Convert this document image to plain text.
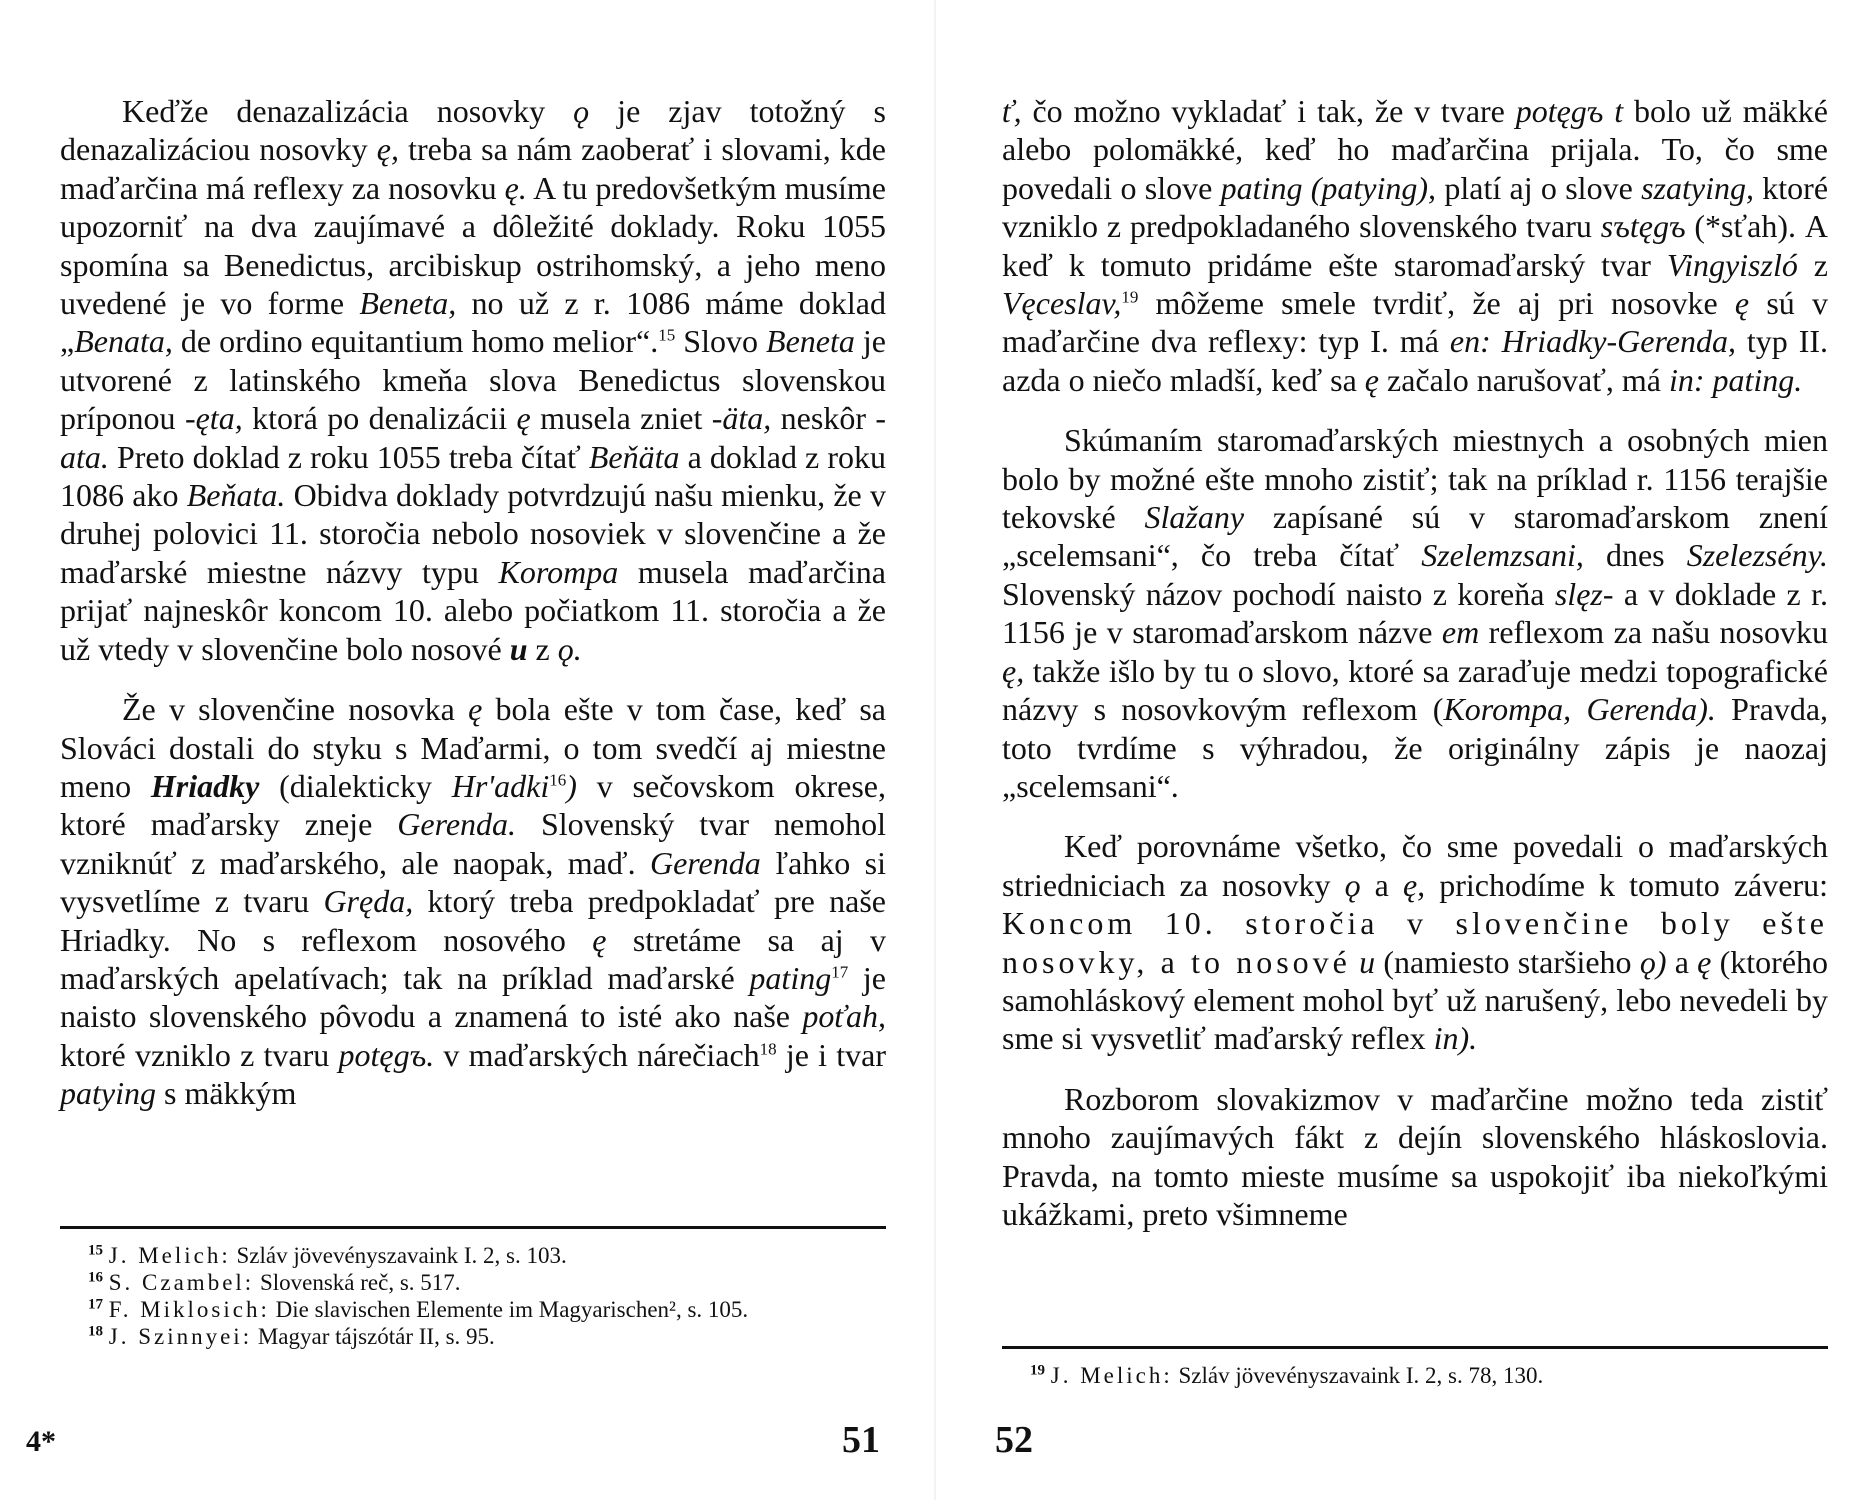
Keďže denazalizácia nosovky ǫ je zjav totožný s denazalizáciou nosovky ę, treba sa nám zaoberať i slovami, kde maďarčina má reflexy za nosovku ę. A tu predovšetkým musíme upozorniť na dva zaujímavé a dôležité doklady. Roku 1055 spomína sa Benedictus, arcibiskup ostrihomský, a jeho meno uvedené je vo forme Beneta, no už z r. 1086 máme doklad „Benata, de ordino equitantium homo melior“.$^{15}$ Slovo Beneta je utvorené z latinského kmeňa slova Benedictus slovenskou príponou -ęta, ktorá po denalizácii ę musela zniet -äta, neskôr -ata. Preto doklad z roku 1055 treba čítať Beňäta a doklad z roku 1086 ako Beňata. Obidva doklady potvrdzujú našu mienku, že v druhej polovici 11. storočia nebolo nosoviek v slovenčine a že maďarské miestne názvy typu Korompa musela maďarčina prijať najneskôr koncom 10. alebo počiatkom 11. storočia a že už vtedy v slovenčine bolo nosové u z ǫ.

Že v slovenčine nosovka ę bola ešte v tom čase, keď sa Slováci dostali do styku s Maďarmi, o tom svedčí aj miestne meno Hriadky (dialekticky Hr'adki$^{16}$) v sečovskom okrese, ktoré maďarsky zneje Gerenda. Slovenský tvar nemohol vzniknúť z maďarského, ale naopak, maď. Gerenda ľahko si vysvetlíme z tvaru Gręda, ktorý treba predpokladať pre naše Hriadky. No s reflexom nosového ę stretáme sa aj v maďarských apelatívach; tak na príklad maďarské pating$^{17}$ je naisto slovenského pôvodu a znamená to isté ako naše poťah, ktoré vzniklo z tvaru potęgъ. v maďarských nárečiach$^{18}$ je i tvar patying s mäkkým

$^{15}$ J. Melich: Szláv jövevényszavaink I. 2, s. 103.

$^{16}$ S. Czambel: Slovenská reč, s. 517.

$^{17}$ F. Miklosich: Die slavischen Elemente im Magyarischen², s. 105.

$^{18}$ J. Szinnyei: Magyar tájszótár II, s. 95.

4*	51

ť, čo možno vykladať i tak, že v tvare potęgъ t bolo už mäkké alebo polomäkké, keď ho maďarčina prijala. To, čo sme povedali o slove pating (patying), platí aj o slove szatying, ktoré vzniklo z predpokladaného slovenského tvaru sъtęgъ (*sťah). A keď k tomuto pridáme ešte staromaďarský tvar Vingyiszló z Vęceslav,$^{19}$ môžeme smele tvrdiť, že aj pri nosovke ę sú v maďarčine dva reflexy: typ I. má en: Hriadky-Gerenda, typ II. azda o niečo mladší, keď sa ę začalo narušovať, má in: pating.

Skúmaním staromaďarských miestnych a osobných mien bolo by možné ešte mnoho zistiť; tak na príklad r. 1156 terajšie tekovské Slažany zapísané sú v staromaďarskom znení „scelemsani“, čo treba čítať Szelemzsani, dnes Szelezsény. Slovenský názov pochodí naisto z koreňa slęz- a v doklade z r. 1156 je v staromaďarskom názve em reflexom za našu nosovku ę, takže išlo by tu o slovo, ktoré sa zaraďuje medzi topografické názvy s nosovkovým reflexom (Korompa, Gerenda). Pravda, toto tvrdíme s výhradou, že originálny zápis je naozaj „scelemsani“.

Keď porovnáme všetko, čo sme povedali o maďarských striedniciach za nosovky ǫ a ę, prichodíme k tomuto záveru: Koncom 10. storočia v slovenčine boly ešte nosovky, a to nosové u (namiesto staršieho ǫ) a ę (ktorého samohláskový element mohol byť už narušený, lebo nevedeli by sme si vysvetliť maďarský reflex in).

Rozborom slovakizmov v maďarčine možno teda zistiť mnoho zaujímavých fákt z dejín slovenského hláskoslovia. Pravda, na tomto mieste musíme sa uspokojiť iba niekoľkými ukážkami, preto všimneme

$^{19}$ J. Melich: Szláv jövevényszavaink I. 2, s. 78, 130.

52
